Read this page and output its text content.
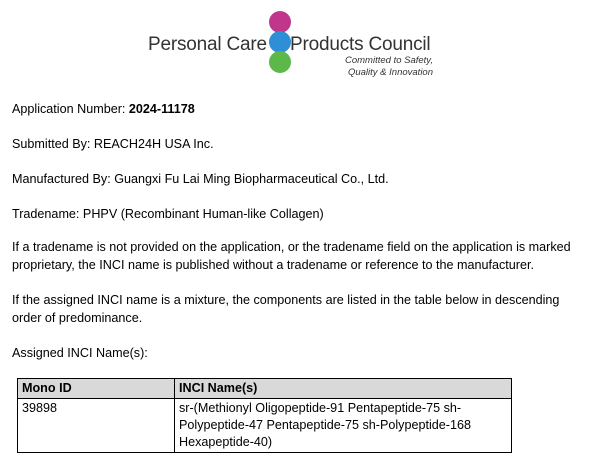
Personal Care Products Council
Committed to Safety,
Quality & Innovation

Application Number: 2024-11178

Submitted By: REACH24H USA Inc.

Manufactured By: Guangxi Fu Lai Ming Biopharmaceutical Co., Ltd.

Tradename: PHPV (Recombinant Human-like Collagen)

If a tradename is not provided on the application, or the tradename field on the application is marked proprietary, the INCI name is published without a tradename or reference to the manufacturer.

If the assigned INCI name is a mixture, the components are listed in the table below in descending order of predominance.

Assigned INCI Name(s):

Mono ID	INCI Name(s)
39898	sr-(Methionyl Oligopeptide-91 Pentapeptide-75 sh-Polypeptide-47 Pentapeptide-75 sh-Polypeptide-168 Hexapeptide-40)
